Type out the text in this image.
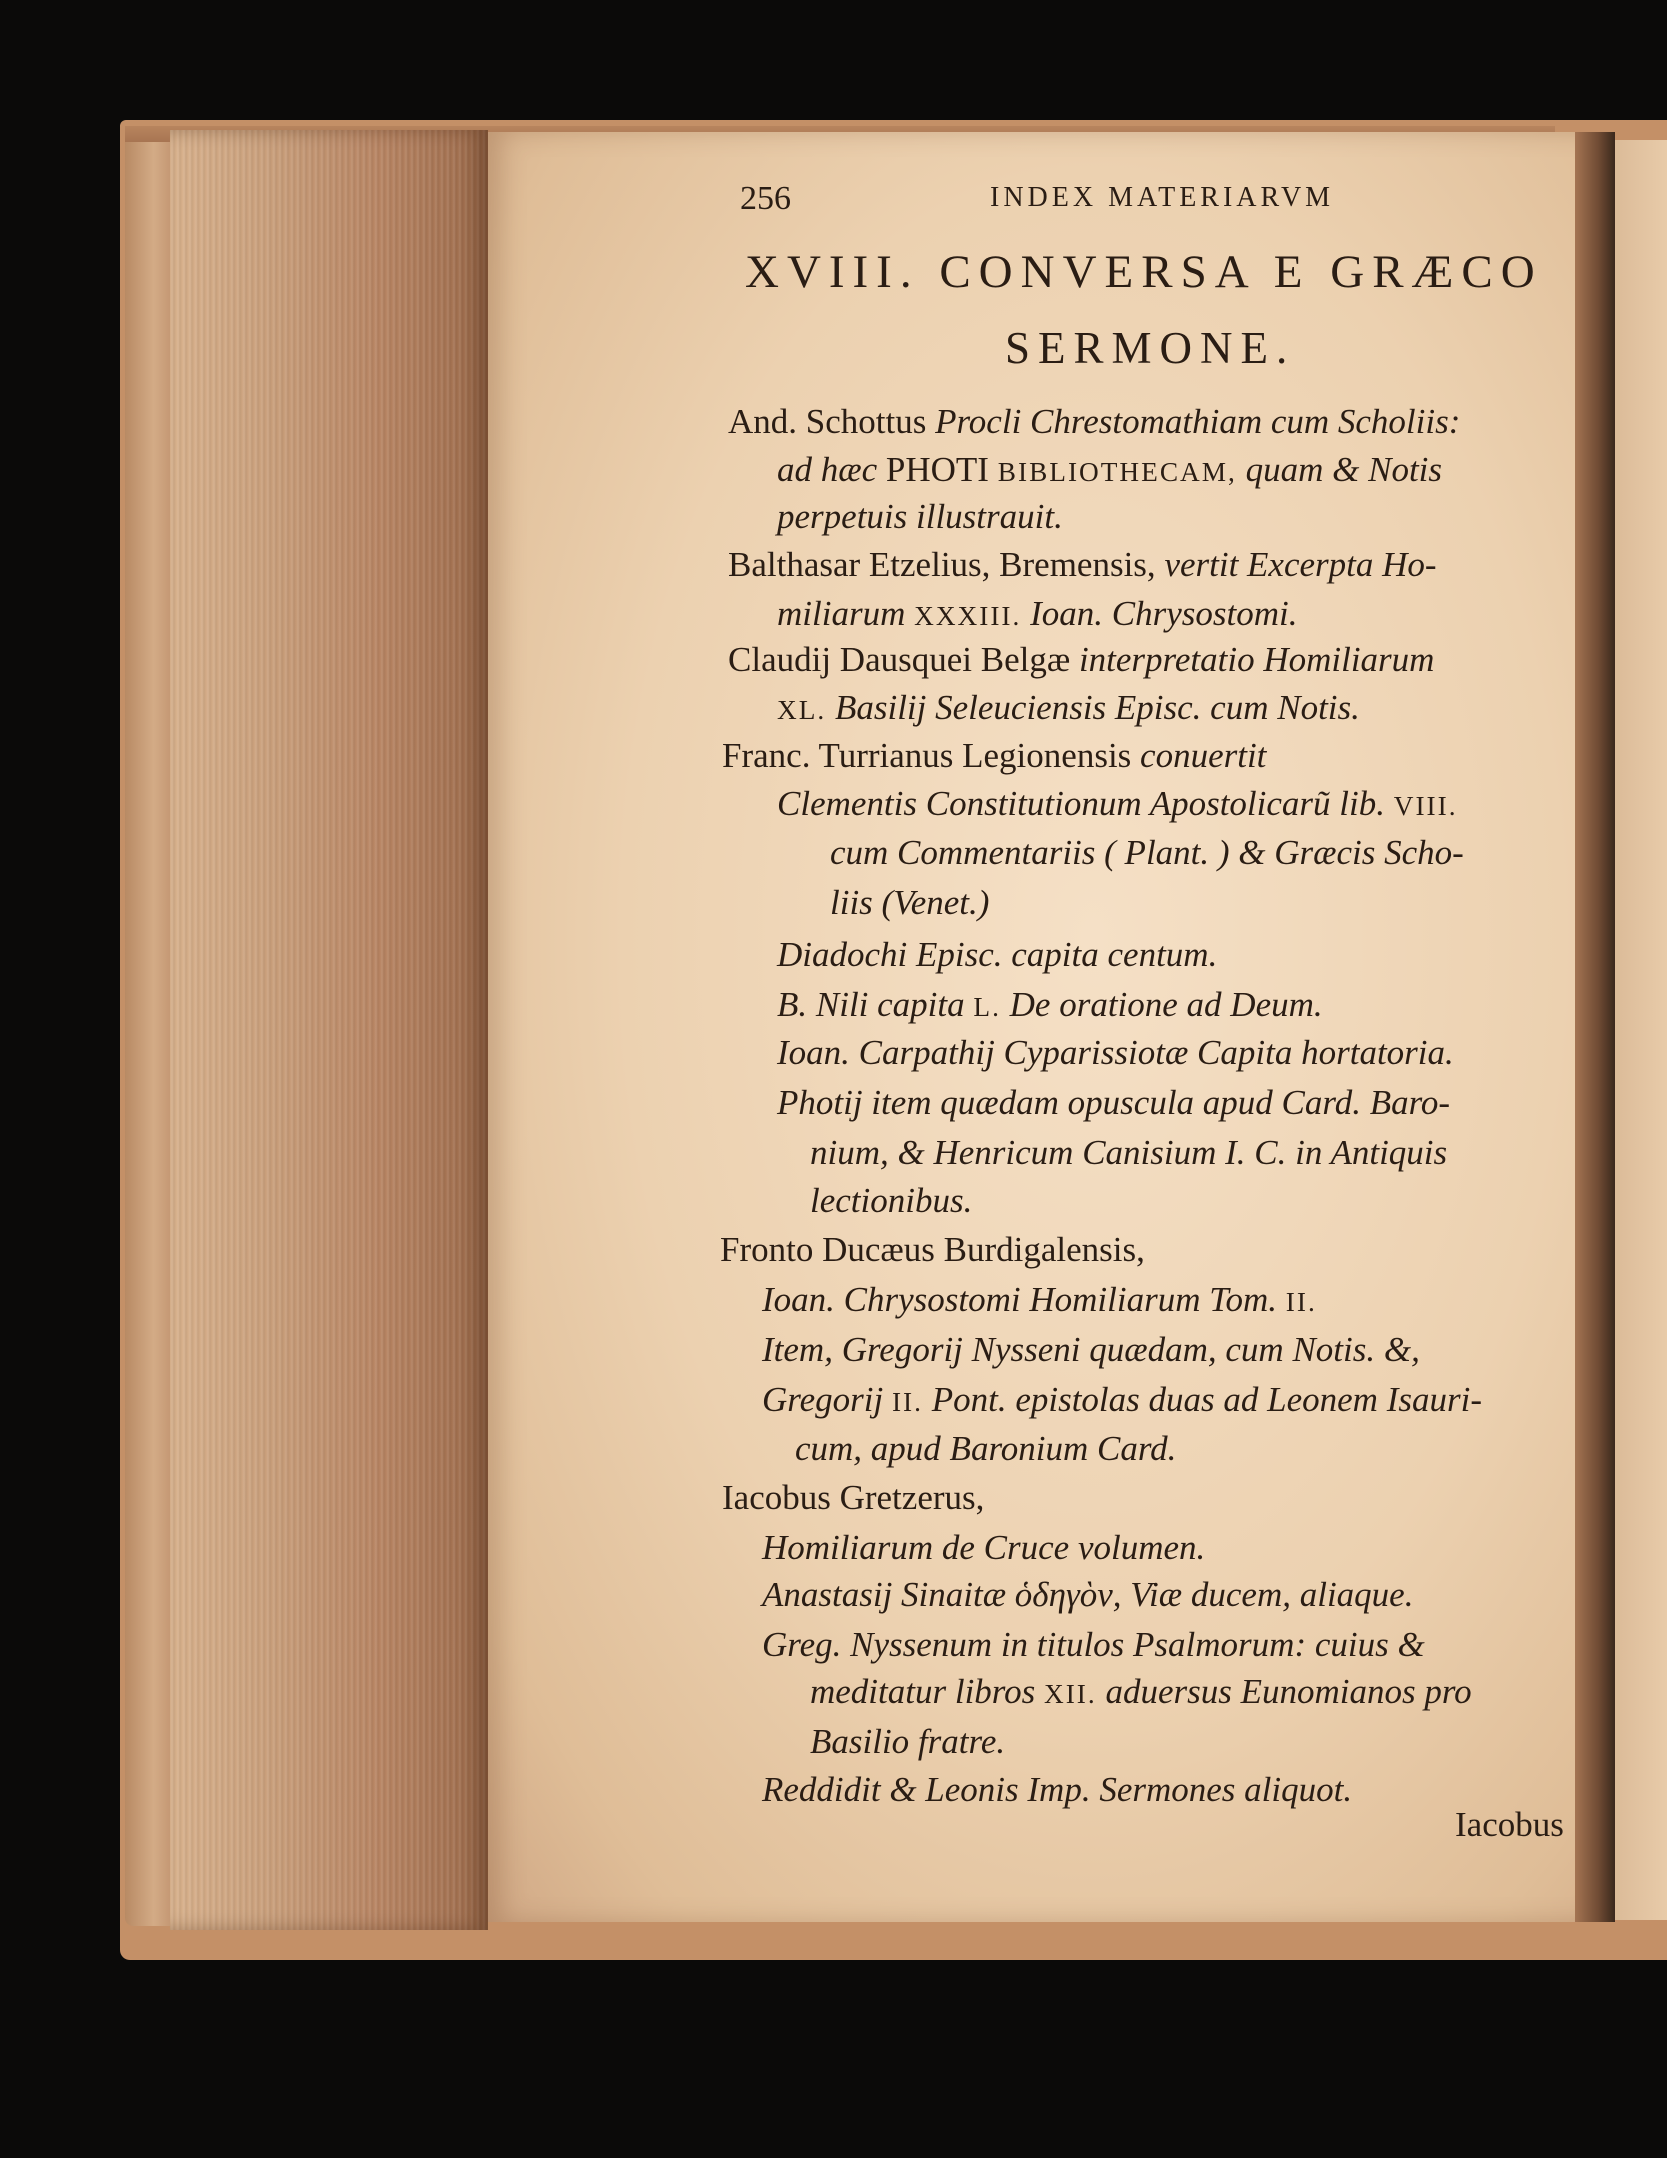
256	INDEX MATERIARVM
XVIII. CONVERSA E GRÆCO
SERMONE.
And. Schottus Procli Chrestomathiam cum Scholiis:
ad hæc PHOTI BIBLIOTHECAM, quam & Notis
perpetuis illustrauit.
Balthasar Etzelius, Bremensis, vertit Excerpta Ho-
miliarum XXXIII. Ioan. Chrysostomi.
Claudij Dausquei Belgæ interpretatio Homiliarum
XL. Basilij Seleuciensis Episc. cum Notis.
Franc. Turrianus Legionensis conuertit
Clementis Constitutionum Apostolicarũ lib. VIII.
cum Commentariis ( Plant. ) & Græcis Scho-
liis (Venet.)
Diadochi Episc. capita centum.
B. Nili capita L. De oratione ad Deum.
Ioan. Carpathij Cyparissiotæ Capita hortatoria.
Photij item quædam opuscula apud Card. Baro-
nium, & Henricum Canisium I. C. in Antiquis
lectionibus.
Fronto Ducæus Burdigalensis,
Ioan. Chrysostomi Homiliarum Tom. II.
Item, Gregorij Nysseni quædam, cum Notis. &,
Gregorij II. Pont. epistolas duas ad Leonem Isauri-
cum, apud Baronium Card.
Iacobus Gretzerus,
Homiliarum de Cruce volumen.
Anastasij Sinaitæ ὁδηγὸν, Viæ ducem, aliaque.
Greg. Nyssenum in titulos Psalmorum: cuius &
meditatur libros XII. aduersus Eunomianos pro
Basilio fratre.
Reddidit & Leonis Imp. Sermones aliquot.
Iacobus
